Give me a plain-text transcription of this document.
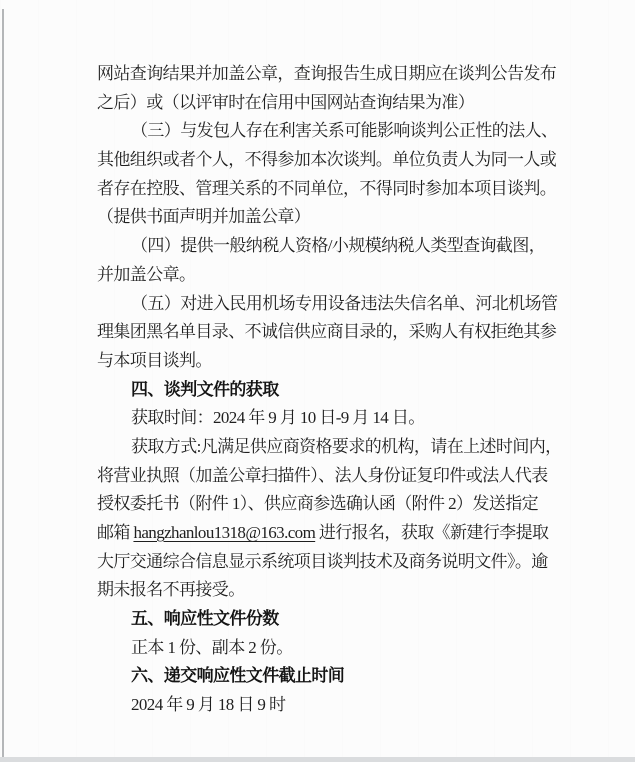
网站查询结果并加盖公章，查询报告生成日期应在谈判公告发布
之后）或（以评审时在信用中国网站查询结果为准）
（三）与发包人存在利害关系可能影响谈判公正性的法人、
其他组织或者个人，不得参加本次谈判。单位负责人为同一人或
者存在控股、管理关系的不同单位，不得同时参加本项目谈判。
（提供书面声明并加盖公章）
（四）提供一般纳税人资格/小规模纳税人类型查询截图，
并加盖公章。
（五）对进入民用机场专用设备违法失信名单、河北机场管
理集团黑名单目录、不诚信供应商目录的，采购人有权拒绝其参
与本项目谈判。
四、谈判文件的获取
获取时间：2024 年 9 月 10 日-9 月 14 日。
获取方式:凡满足供应商资格要求的机构，请在上述时间内，
将营业执照（加盖公章扫描件）、法人身份证复印件或法人代表
授权委托书（附件 1）、供应商参选确认函（附件 2）发送指定
邮箱 hangzhanlou1318@163.com 进行报名，获取《新建行李提取
大厅交通综合信息显示系统项目谈判技术及商务说明文件》。逾
期未报名不再接受。
五、响应性文件份数
正本 1 份、副本 2 份。
六、递交响应性文件截止时间
2024 年 9 月 18 日 9 时
